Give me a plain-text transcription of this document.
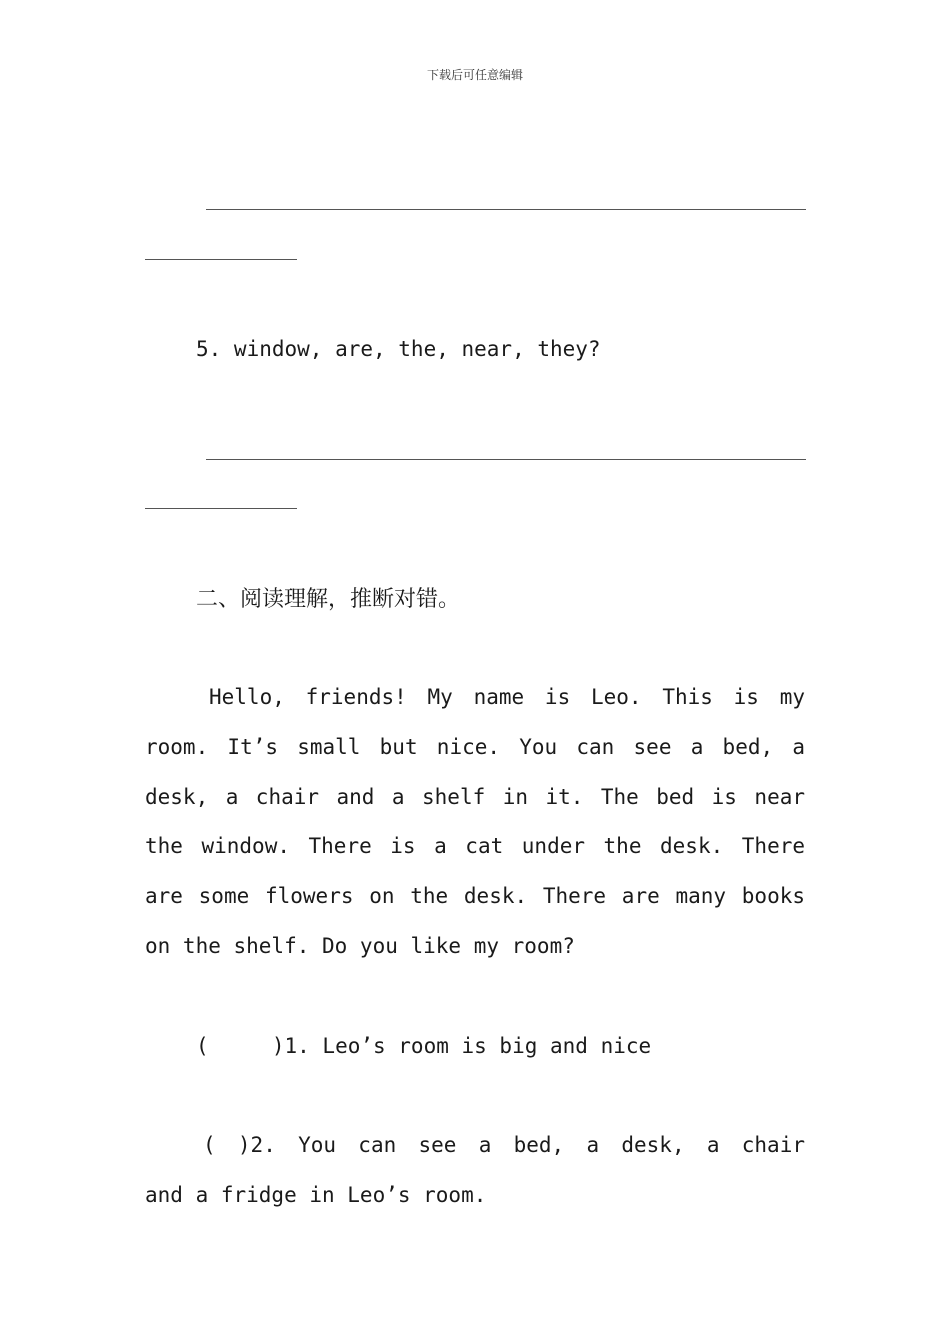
下载后可任意编辑
5. window, are, the, near, they?
二、阅读理解，推断对错。
Hello, friends! My name is Leo. This is my
room. It’s small but nice. You can see a bed, a
desk, a chair and a shelf in it. The bed is near
the window. There is a cat under the desk. There
are some flowers on the desk. There are many books
on the shelf. Do you like my room?
(     )1. Leo’s room is big and nice
( )2. You can see a bed, a desk, a chair
and a fridge in Leo’s room.
